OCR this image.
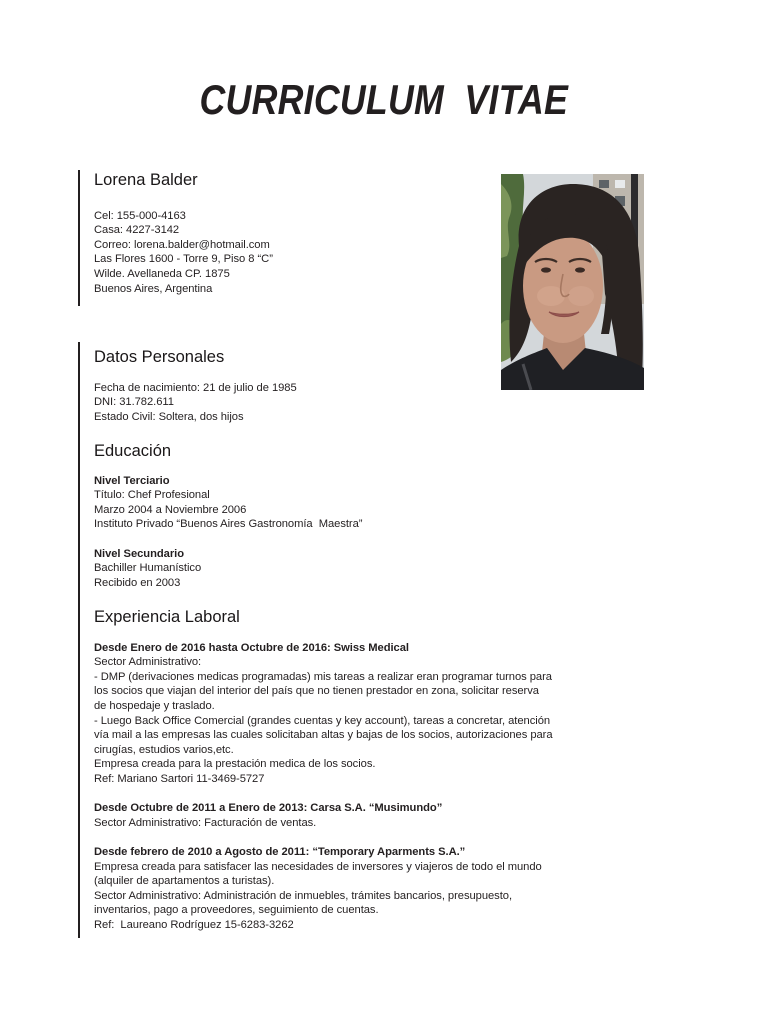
CURRICULUM  VITAE
Lorena Balder
Cel: 155-000-4163
Casa: 4227-3142
Correo: lorena.balder@hotmail.com
Las Flores 1600 - Torre 9, Piso 8 “C”
Wilde. Avellaneda CP. 1875
Buenos Aires, Argentina
Datos Personales
Fecha de nacimiento: 21 de julio de 1985
DNI: 31.782.611
Estado Civil: Soltera, dos hijos
Educación
Nivel Terciario
Título: Chef Profesional
Marzo 2004 a Noviembre 2006
Instituto Privado “Buenos Aires Gastronomía  Maestra”
Nivel Secundario
Bachiller Humanístico
Recibido en 2003
Experiencia Laboral
Desde Enero de 2016 hasta Octubre de 2016: Swiss Medical
Sector Administrativo:
- DMP (derivaciones medicas programadas) mis tareas a realizar eran programar turnos para
los socios que viajan del interior del país que no tienen prestador en zona, solicitar reserva
de hospedaje y traslado.
- Luego Back Office Comercial (grandes cuentas y key account), tareas a concretar, atención
vía mail a las empresas las cuales solicitaban altas y bajas de los socios, autorizaciones para
cirugías, estudios varios,etc.
Empresa creada para la prestación medica de los socios.
Ref: Mariano Sartori 11-3469-5727
Desde Octubre de 2011 a Enero de 2013: Carsa S.A. “Musimundo”
Sector Administrativo: Facturación de ventas.
Desde febrero de 2010 a Agosto de 2011: “Temporary Aparments S.A.”
Empresa creada para satisfacer las necesidades de inversores y viajeros de todo el mundo
(alquiler de apartamentos a turistas).
Sector Administrativo: Administración de inmuebles, trámites bancarios, presupuesto,
inventarios, pago a proveedores, seguimiento de cuentas.
Ref:  Laureano Rodríguez 15-6283-3262
